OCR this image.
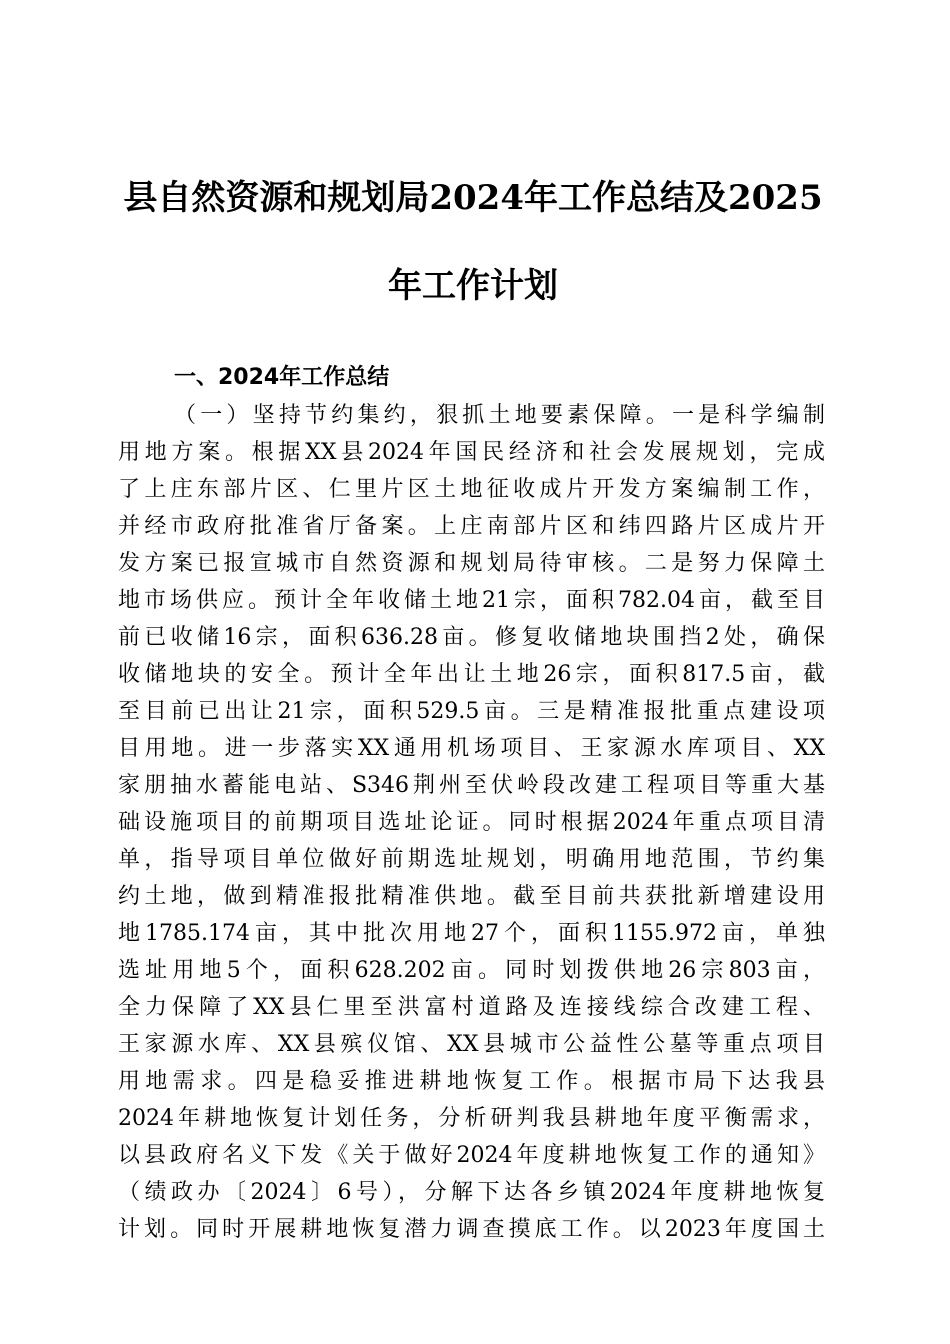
县自然资源和规划局2024年工作总结及2025
年工作计划
一、2024年工作总结
（一）坚持节约集约，狠抓土地要素保障。一是科学编制
用地方案。根据XX县2024年国民经济和社会发展规划，完成
了上庄东部片区、仁里片区土地征收成片开发方案编制工作，
并经市政府批准省厅备案。上庄南部片区和纬四路片区成片开
发方案已报宣城市自然资源和规划局待审核。二是努力保障土
地市场供应。预计全年收储土地21宗，面积782.04亩，截至目
前已收储16宗，面积636.28亩。修复收储地块围挡2处，确保
收储地块的安全。预计全年出让土地26宗，面积817.5亩，截
至目前已出让21宗，面积529.5亩。三是精准报批重点建设项
目用地。进一步落实XX通用机场项目、王家源水库项目、XX
家朋抽水蓄能电站、S346荆州至伏岭段改建工程项目等重大基
础设施项目的前期项目选址论证。同时根据2024年重点项目清
单，指导项目单位做好前期选址规划，明确用地范围，节约集
约土地，做到精准报批精准供地。截至目前共获批新增建设用
地1785.174亩，其中批次用地27个，面积1155.972亩，单独
选址用地5个，面积628.202亩。同时划拨供地26宗803亩，
全力保障了XX县仁里至洪富村道路及连接线综合改建工程、
王家源水库、XX县殡仪馆、XX县城市公益性公墓等重点项目
用地需求。四是稳妥推进耕地恢复工作。根据市局下达我县
2024年耕地恢复计划任务，分析研判我县耕地年度平衡需求，
以县政府名义下发《关于做好2024年度耕地恢复工作的通知》
（绩政办〔2024〕6号），分解下达各乡镇2024年度耕地恢复
计划。同时开展耕地恢复潜力调查摸底工作。以2023年度国土
